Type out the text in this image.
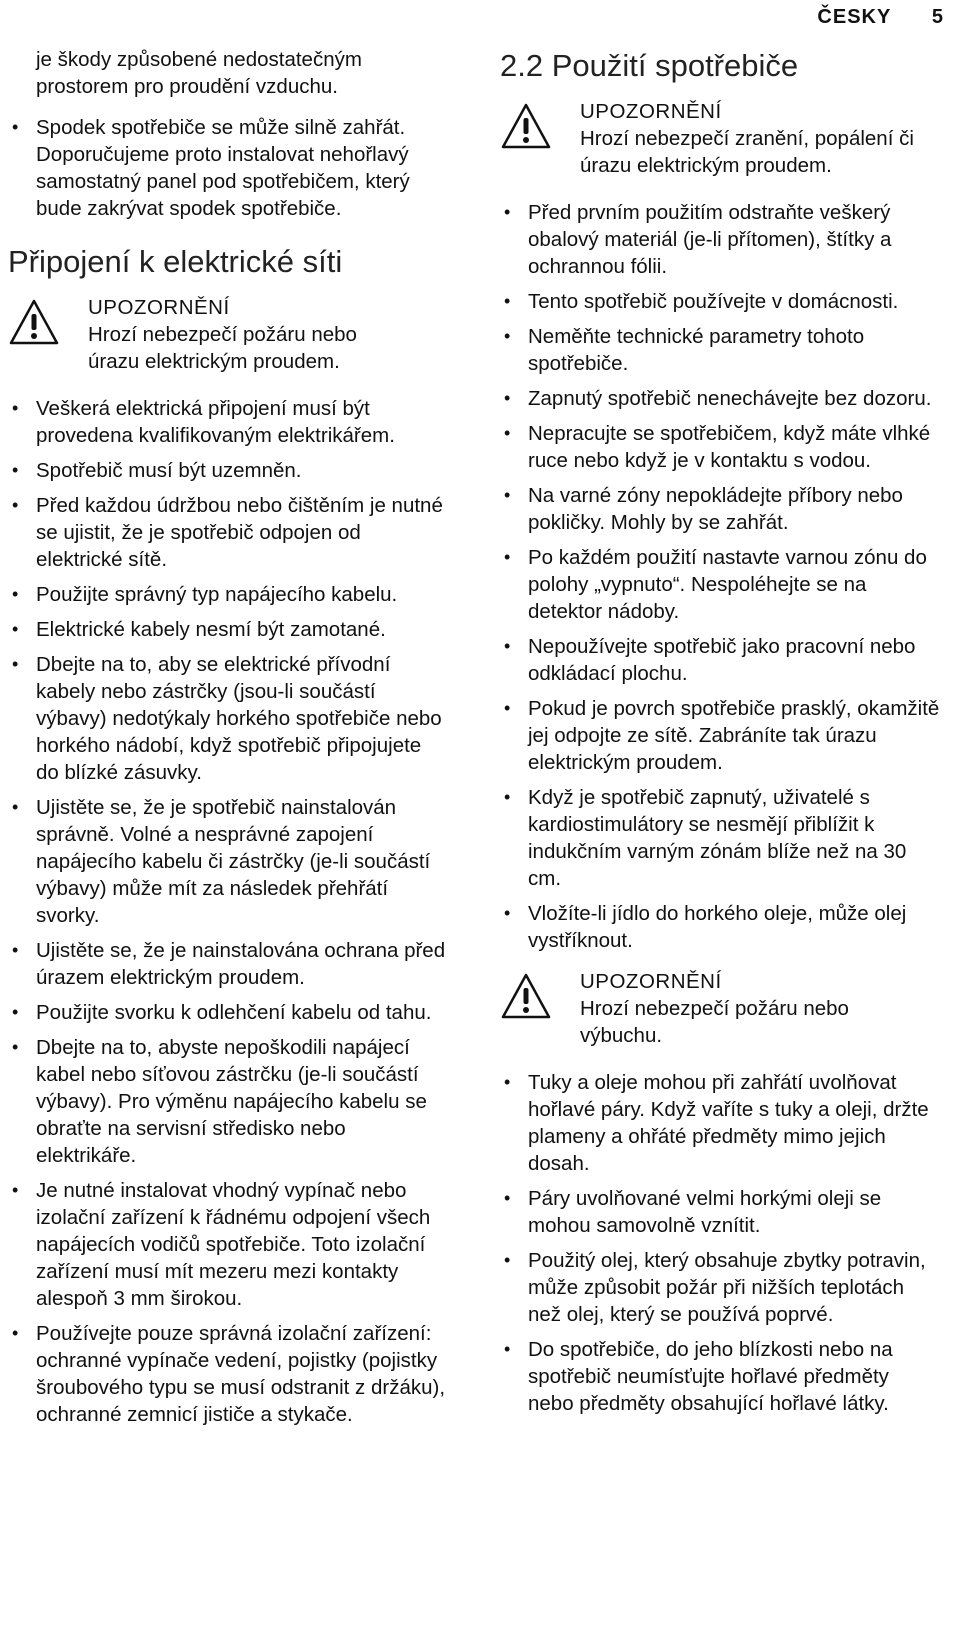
ČESKY 5

je škody způsobené nedostatečným

prostorem pro proudění vzduchu.

• Spodek spotřebiče se může silně zahřát. Doporučujeme proto instalovat nehořlavý samostatný panel pod spotřebičem, který bude zakrývat spodek spotřebiče.
Připojení k elektrické síti
UPOZORNĚNÍ
Hrozí nebezpečí požáru nebo úrazu elektrickým proudem.
• Veškerá elektrická připojení musí být provedena kvalifikovaným elektrikářem.
• Spotřebič musí být uzemněn.
• Před každou údržbou nebo čištěním je nutné se ujistit, že je spotřebič odpojen od elektrické sítě.
• Použijte správný typ napájecího kabelu.
• Elektrické kabely nesmí být zamotané.
• Dbejte na to, aby se elektrické přívodní kabely nebo zástrčky (jsou-li součástí výbavy) nedotýkaly horkého spotřebiče nebo horkého nádobí, když spotřebič připojujete do blízké zásuvky.
• Ujistěte se, že je spotřebič nainstalován správně. Volné a nesprávné zapojení napájecího kabelu či zástrčky (je-li součástí výbavy) může mít za následek přehřátí svorky.
• Ujistěte se, že je nainstalována ochrana před úrazem elektrickým proudem.
• Použijte svorku k odlehčení kabelu od tahu.
• Dbejte na to, abyste nepoškodili napájecí kabel nebo síťovou zástrčku (je-li součástí výbavy). Pro výměnu napájecího kabelu se obraťte na servisní středisko nebo elektrikáře.
• Je nutné instalovat vhodný vypínač nebo izolační zařízení k řádnému odpojení všech napájecích vodičů spotřebiče. Toto izolační zařízení musí mít mezeru mezi kontakty alespoň 3 mm širokou.
• Používejte pouze správná izolační zařízení: ochranné vypínače vedení, pojistky (pojistky šroubového typu se musí odstranit z držáku), ochranné zemnicí jističe a stykače.
2.2 Použití spotřebiče
UPOZORNĚNÍ
Hrozí nebezpečí zranění, popálení či úrazu elektrickým proudem.
• Před prvním použitím odstraňte veškerý obalový materiál (je-li přítomen), štítky a ochrannou fólii.
• Tento spotřebič používejte v domácnosti.
• Neměňte technické parametry tohoto spotřebiče.
• Zapnutý spotřebič nenechávejte bez dozoru.
• Nepracujte se spotřebičem, když máte vlhké ruce nebo když je v kontaktu s vodou.
• Na varné zóny nepokládejte příbory nebo pokličky. Mohly by se zahřát.
• Po každém použití nastavte varnou zónu do polohy „vypnuto“. Nespoléhejte se na detektor nádoby.
• Nepoužívejte spotřebič jako pracovní nebo odkládací plochu.
• Pokud je povrch spotřebiče prasklý, okamžitě jej odpojte ze sítě. Zabráníte tak úrazu elektrickým proudem.
• Když je spotřebič zapnutý, uživatelé s kardiostimulátory se nesmějí přiblížit k indukčním varným zónám blíže než na 30 cm.
• Vložíte-li jídlo do horkého oleje, může olej vystříknout.
UPOZORNĚNÍ
Hrozí nebezpečí požáru nebo výbuchu.
• Tuky a oleje mohou při zahřátí uvolňovat hořlavé páry. Když vaříte s tuky a oleji, držte plameny a ohřáté předměty mimo jejich dosah.
• Páry uvolňované velmi horkými oleji se mohou samovolně vznítit.
• Použitý olej, který obsahuje zbytky potravin, může způsobit požár při nižších teplotách než olej, který se používá poprvé.
• Do spotřebiče, do jeho blízkosti nebo na spotřebič neumísťujte hořlavé předměty nebo předměty obsahující hořlavé látky.
